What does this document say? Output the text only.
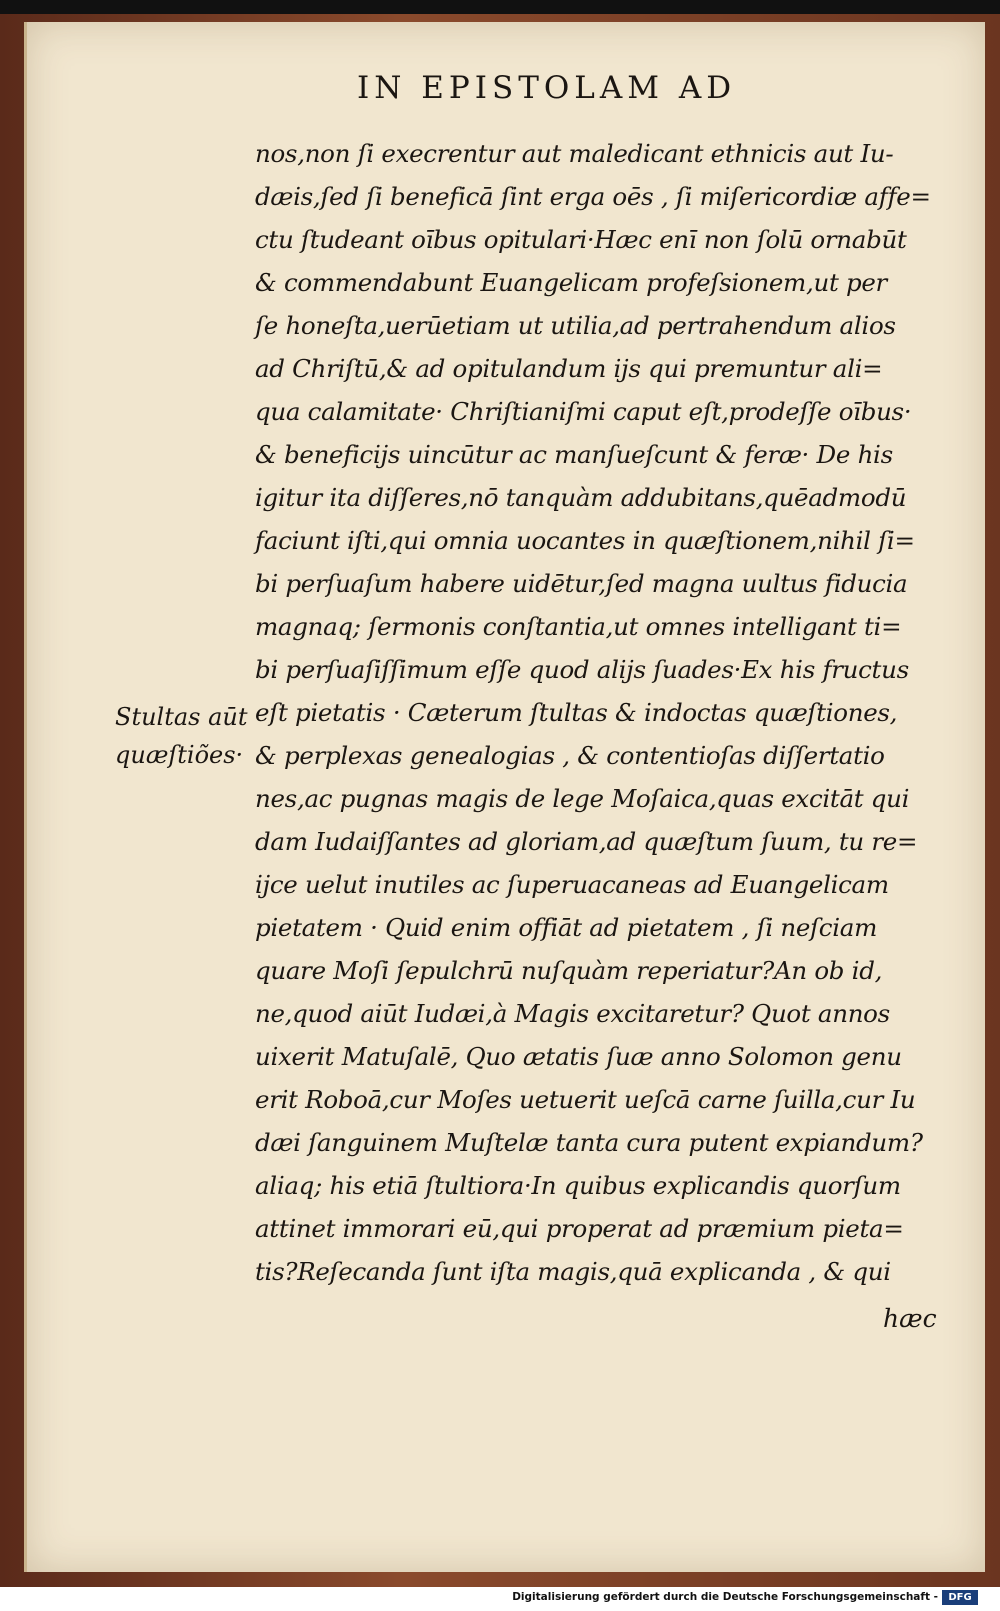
IN EPISTOLAM AD
Stultas aūt
quæſtiões·
nos,non ſi execrentur aut maledicant ethnicis aut Iu-
dæis,ſed ſi beneficā ſint erga oēs , ſi miſericordiæ affe=
ctu ſtudeant oībus opitulari·Hæc enī non ſolū ornabūt
& commendabunt Euangelicam profeſsionem,ut per
ſe honeſta,uerūetiam ut utilia,ad pertrahendum alios
ad Chriſtū,& ad opitulandum ijs qui premuntur ali=
qua calamitate· Chriſtianiſmi caput eſt,prodeſſe oībus·
& beneficijs uincūtur ac manſueſcunt & feræ· De his
igitur ita diſſeres,nō tanquàm addubitans,quēadmodū
faciunt iſti,qui omnia uocantes in quæſtionem,nihil ſi=
bi perſuaſum habere uidētur,ſed magna uultus fiducia
magnaq; ſermonis conſtantia,ut omnes intelligant ti=
bi perſuaſiſſimum eſſe quod alijs ſuades·Ex his fructus
eſt pietatis · Cæterum ſtultas & indoctas quæſtiones,
& perplexas genealogias , & contentioſas diſſertatio
nes,ac pugnas magis de lege Moſaica,quas excitāt qui
dam Iudaiſſantes ad gloriam,ad quæſtum ſuum, tu re=
ijce uelut inutiles ac ſuperuacaneas ad Euangelicam
pietatem · Quid enim offiāt ad pietatem , ſi neſciam
quare Moſi ſepulchrū nuſquàm reperiatur?An ob id,
ne,quod aiūt Iudæi,à Magis excitaretur? Quot annos
uixerit Matuſalē, Quo ætatis ſuæ anno Solomon genu
erit Roboā,cur Moſes uetuerit ueſcā carne ſuilla,cur Iu
dæi ſanguinem Muſtelæ tanta cura putent expiandum?
aliaq; his etiā ſtultiora·In quibus explicandis quorſum
attinet immorari eū,qui properat ad præmium pieta=
tis?Reſecanda ſunt iſta magis,quā explicanda , & qui
hæc
Digitalisierung gefördert durch die Deutsche Forschungsgemeinschaft -	DFG
